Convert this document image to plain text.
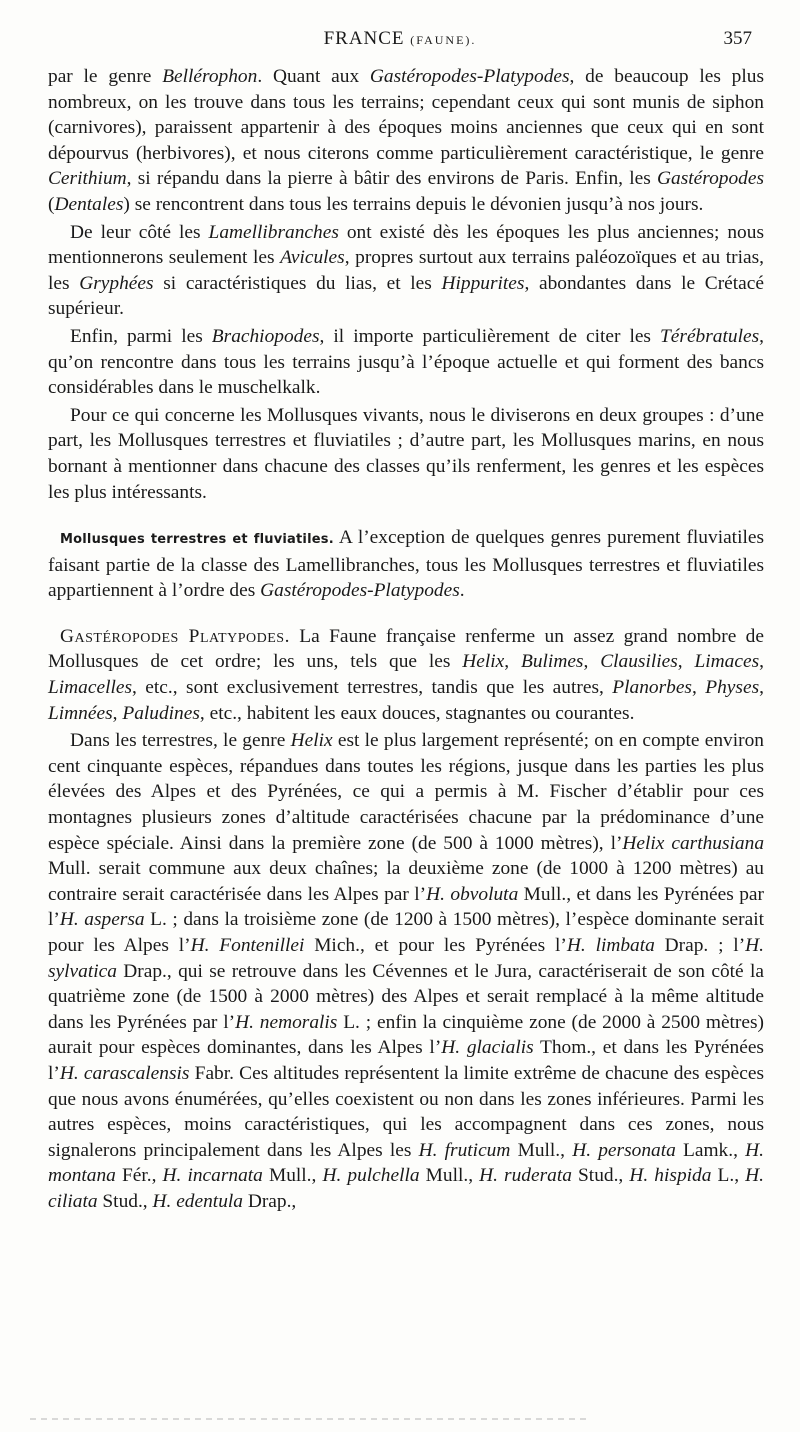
FRANCE (FAUNE).	357

par le genre Bellérophon. Quant aux Gastéropodes-Platypodes, de beaucoup les plus nombreux, on les trouve dans tous les terrains; cependant ceux qui sont munis de siphon (carnivores), paraissent appartenir à des époques moins anciennes que ceux qui en sont dépourvus (herbivores), et nous citerons comme particulièrement caractéristique, le genre Cerithium, si répandu dans la pierre à bâtir des environs de Paris. Enfin, les Gastéropodes (Dentales) se rencontrent dans tous les terrains depuis le dévonien jusqu’à nos jours.

De leur côté les Lamellibranches ont existé dès les époques les plus anciennes; nous mentionnerons seulement les Avicules, propres surtout aux terrains paléozoïques et au trias, les Gryphées si caractéristiques du lias, et les Hippurites, abondantes dans le Crétacé supérieur.

Enfin, parmi les Brachiopodes, il importe particulièrement de citer les Térébratules, qu’on rencontre dans tous les terrains jusqu’à l’époque actuelle et qui forment des bancs considérables dans le muschelkalk.

Pour ce qui concerne les Mollusques vivants, nous le diviserons en deux groupes : d’une part, les Mollusques terrestres et fluviatiles ; d’autre part, les Mollusques marins, en nous bornant à mentionner dans chacune des classes qu’ils renferment, les genres et les espèces les plus intéressants.

Mollusques terrestres et fluviatiles. A l’exception de quelques genres purement fluviatiles faisant partie de la classe des Lamellibranches, tous les Mollusques terrestres et fluviatiles appartiennent à l’ordre des Gastéropodes-Platypodes.

Gastéropodes Platypodes. La Faune française renferme un assez grand nombre de Mollusques de cet ordre; les uns, tels que les Helix, Bulimes, Clausilies, Limaces, Limacelles, etc., sont exclusivement terrestres, tandis que les autres, Planorbes, Physes, Limnées, Paludines, etc., habitent les eaux douces, stagnantes ou courantes.

Dans les terrestres, le genre Helix est le plus largement représenté; on en compte environ cent cinquante espèces, répandues dans toutes les régions, jusque dans les parties les plus élevées des Alpes et des Pyrénées, ce qui a permis à M. Fischer d’établir pour ces montagnes plusieurs zones d’altitude caractérisées chacune par la prédominance d’une espèce spéciale. Ainsi dans la première zone (de 500 à 1000 mètres), l’Helix carthusiana Mull. serait commune aux deux chaînes; la deuxième zone (de 1000 à 1200 mètres) au contraire serait caractérisée dans les Alpes par l’H. obvoluta Mull., et dans les Pyrénées par l’H. aspersa L. ; dans la troisième zone (de 1200 à 1500 mètres), l’espèce dominante serait pour les Alpes l’H. Fontenillei Mich., et pour les Pyrénées l’H. limbata Drap. ; l’H. sylvatica Drap., qui se retrouve dans les Cévennes et le Jura, caractériserait de son côté la quatrième zone (de 1500 à 2000 mètres) des Alpes et serait remplacé à la même altitude dans les Pyrénées par l’H. nemoralis L. ; enfin la cinquième zone (de 2000 à 2500 mètres) aurait pour espèces dominantes, dans les Alpes l’H. glacialis Thom., et dans les Pyrénées l’H. carascalensis Fabr. Ces altitudes représentent la limite extrême de chacune des espèces que nous avons énumérées, qu’elles coexistent ou non dans les zones inférieures. Parmi les autres espèces, moins caractéristiques, qui les accompagnent dans ces zones, nous signalerons principalement dans les Alpes les H. fruticum Mull., H. personata Lamk., H. montana Fér., H. incarnata Mull., H. pulchella Mull., H. ruderata Stud., H. hispida L., H. ciliata Stud., H. edentula Drap.,
